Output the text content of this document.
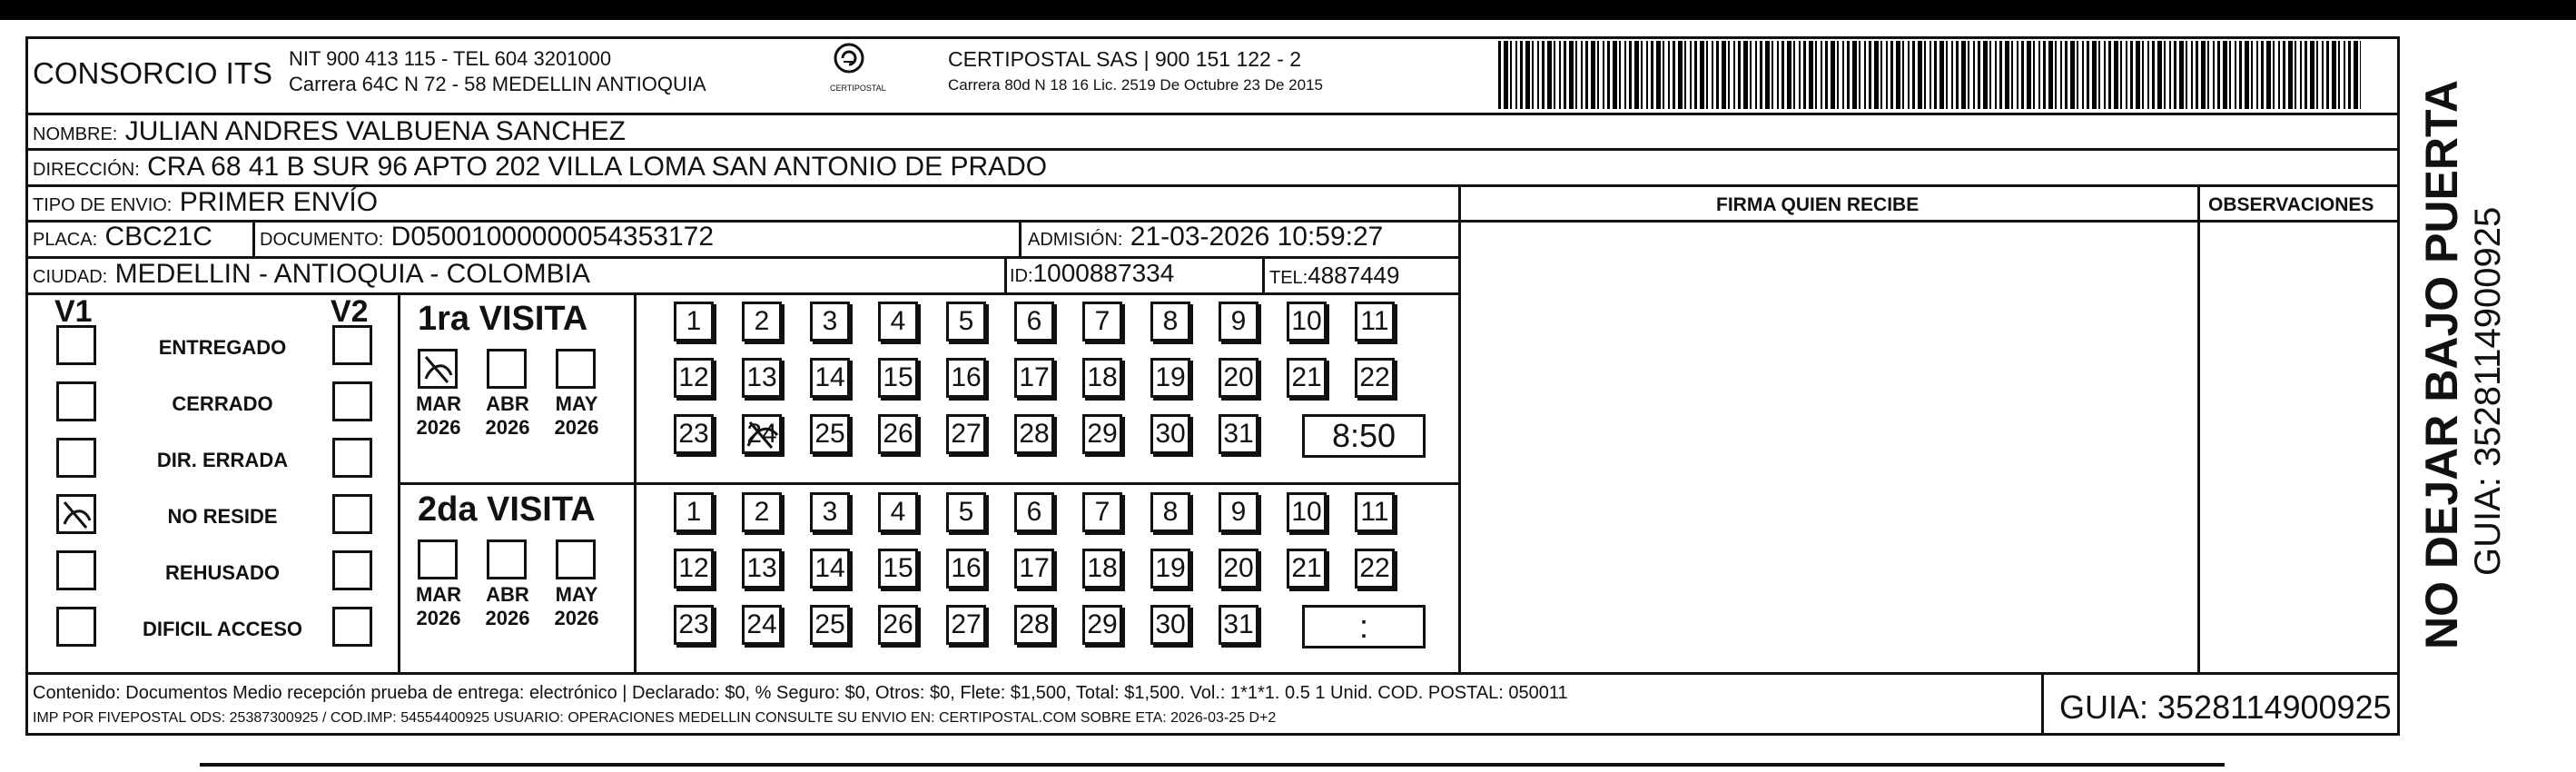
CONSORCIO ITS NIT 900 413 115 - TEL 604 3201000
Carrera 64C N 72 - 58 MEDELLIN ANTIOQUIA	CERTIPOSTAL
CERTIPOSTAL SAS | 900 151 122 - 2
Carrera 80d N 18 16 Lic. 2519 De Octubre 23 De 2015
NOMBRE: JULIAN ANDRES VALBUENA SANCHEZ
DIRECCIÓN: CRA 68 41 B SUR 96 APTO 202 VILLA LOMA SAN ANTONIO DE PRADO
TIPO DE ENVIO: PRIMER ENVÍO	FIRMA QUIEN RECIBE	OBSERVACIONES
PLACA: CBC21C	DOCUMENTO: D05001000000054353172	ADMISIÓN: 21-03-2026 10:59:27
CIUDAD: MEDELLIN - ANTIOQUIA - COLOMBIA	ID:1000887334	TEL:4887449
V1	V2 1ra VISITA
2da VISITA
Contenido: Documentos Medio recepción prueba de entrega: electrónico | Declarado: $0, % Seguro: $0, Otros: $0, Flete: $1,500, Total: $1,500. Vol.: 1*1*1. 0.5 1 Unid. COD. POSTAL: 050011
IMP POR FIVEPOSTAL ODS: 25387300925 / COD.IMP: 54554400925 USUARIO: OPERACIONES MEDELLIN CONSULTE SU ENVIO EN: CERTIPOSTAL.COM SOBRE ETA: 2026-03-25 D+2	GUIA: 3528114900925
NO DEJAR BAJO PUERTA GUIA: 3528114900925
ENTREGADO
CERRADO
DIR. ERRADA
NO RESIDE
REHUSADO
DIFICIL ACCESO
MAR
2026
ABR
2026
MAY
2026
1	2	3	4	5	6	7	8	9	10 11
12 13 14 15 16 17 18 19 20 21 22
23 24 25 26 27 28 29 30 31	8:50
MAR
2026
ABR
2026
MAY
2026
1	2	3	4	5	6	7	8	9	10 11
12 13 14 15 16 17 18 19 20 21 22
23 24 25 26 27 28 29 30 31	:
